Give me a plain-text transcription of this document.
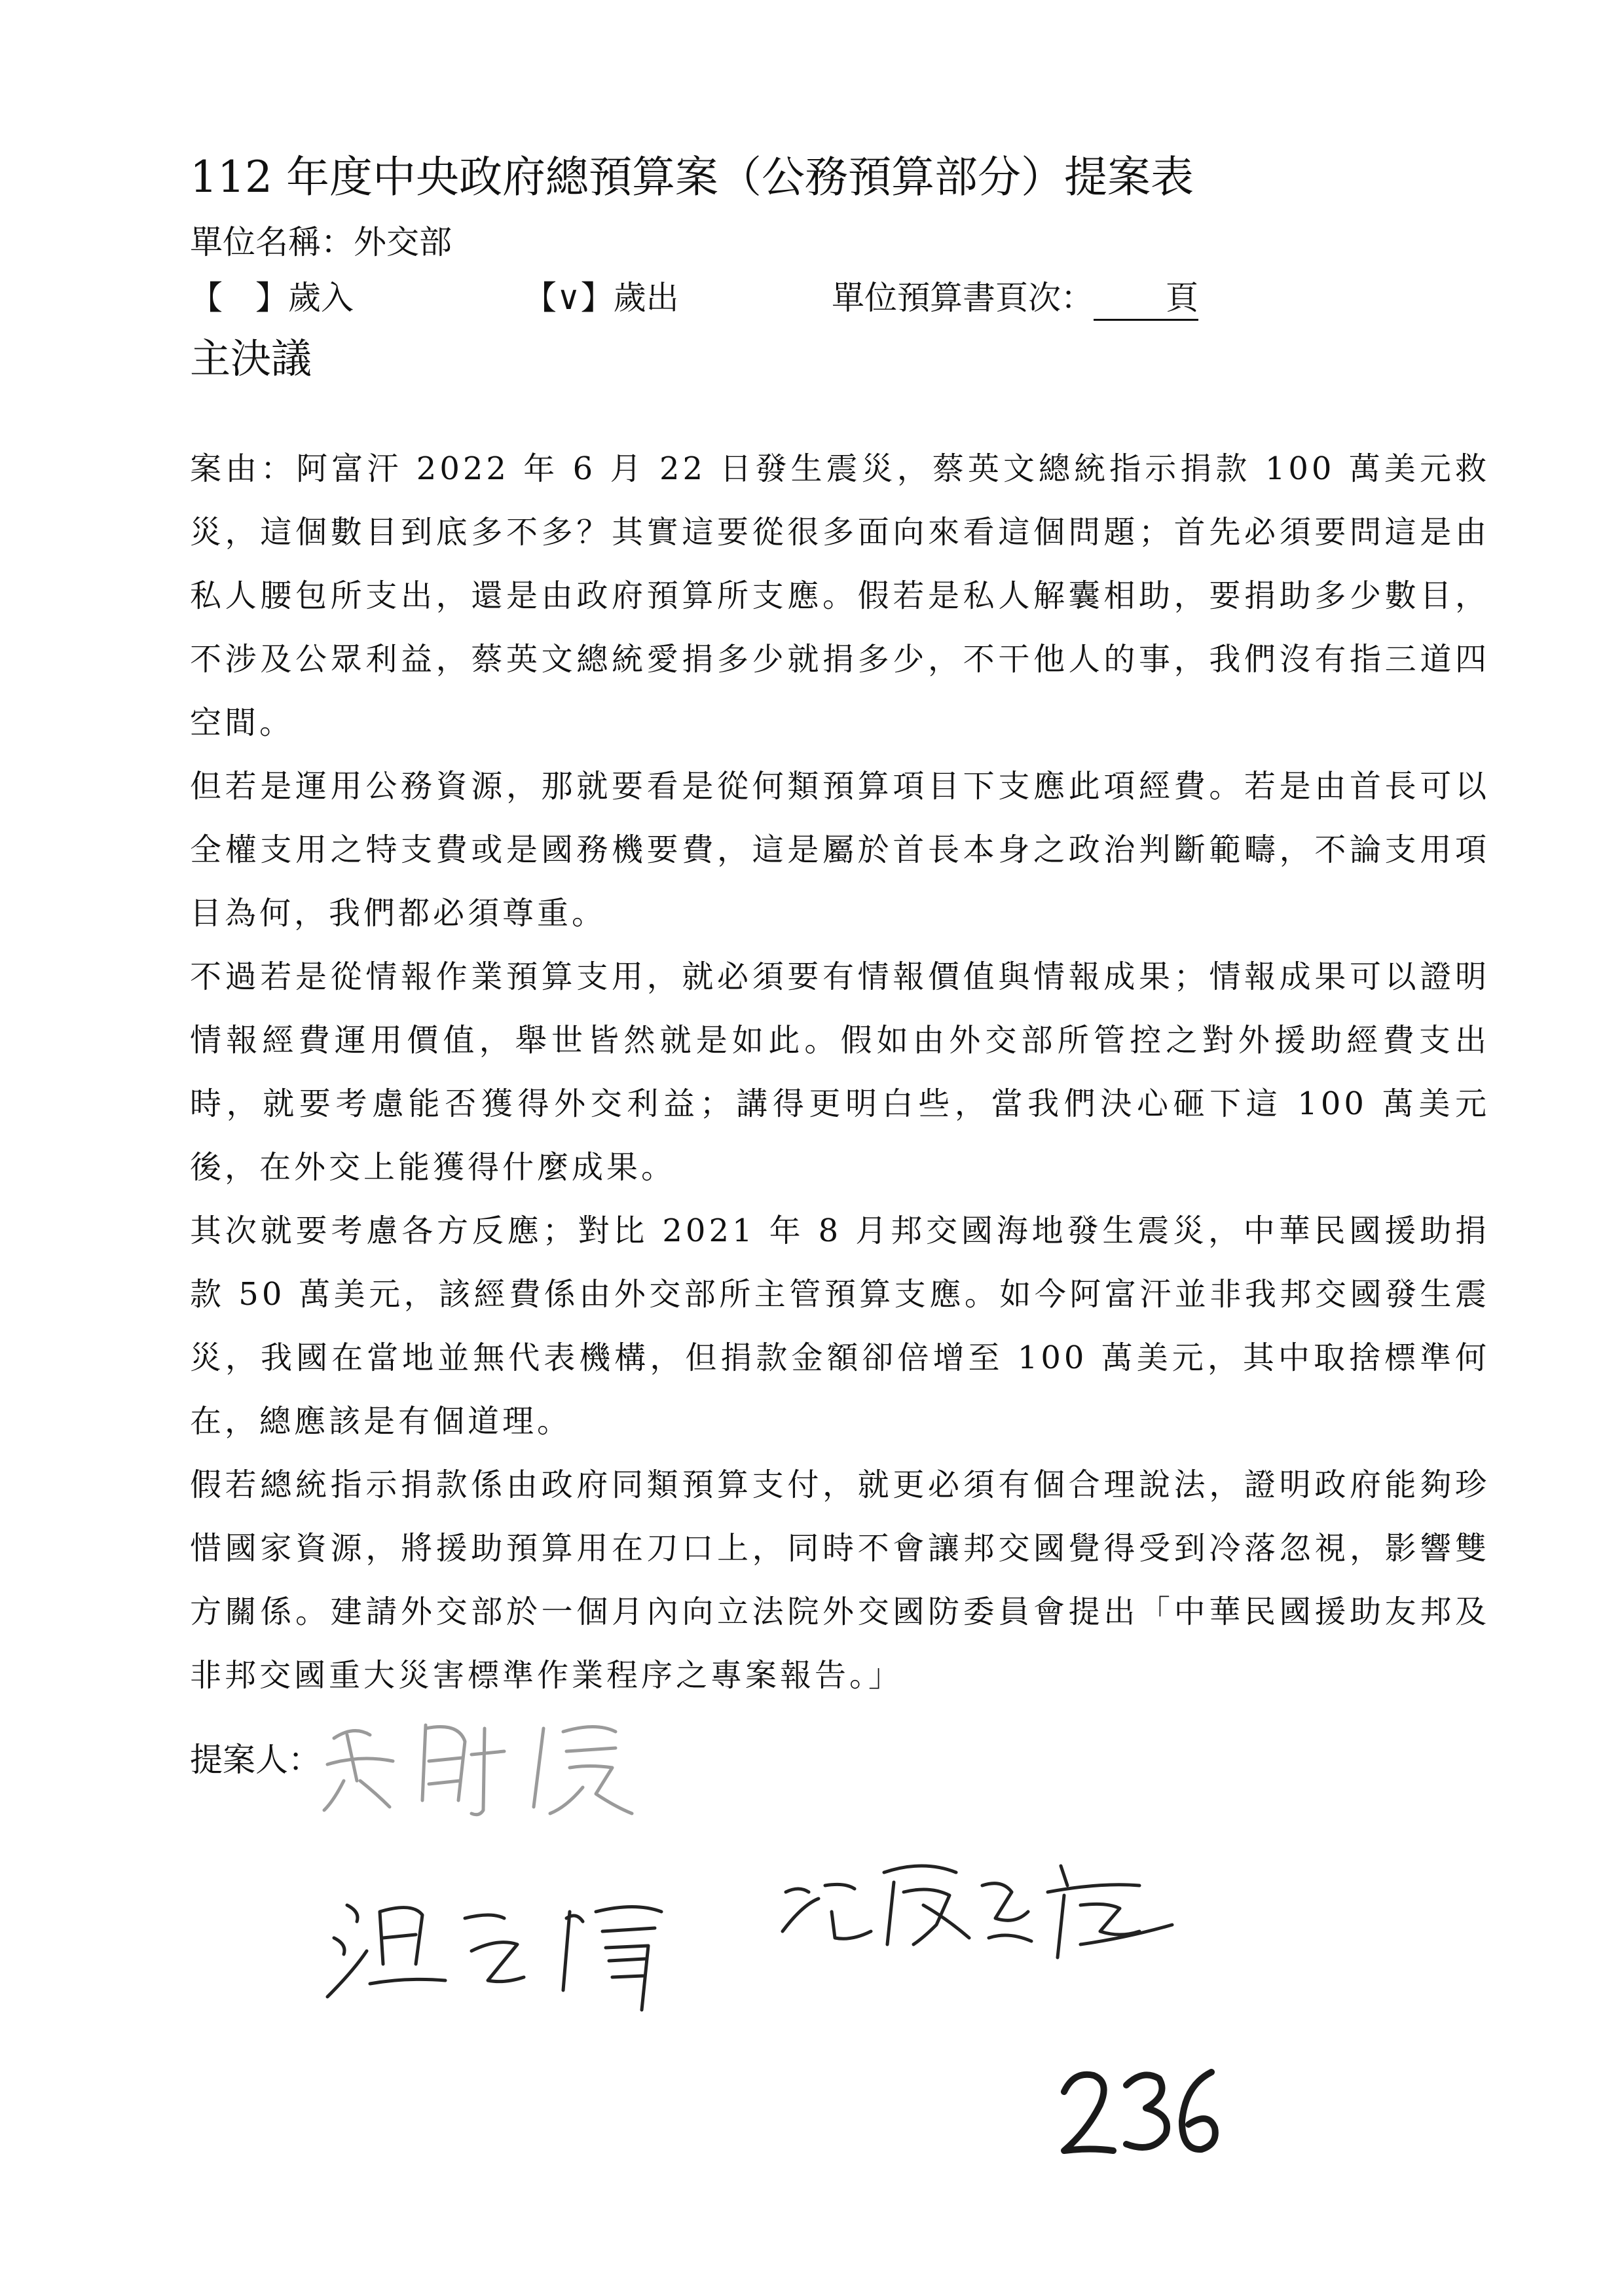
112 年度中央政府總預算案（公務預算部分）提案表
單位名稱：外交部
【　】歲入	【∨】歲出	單位預算書頁次： 頁
主決議

案由：阿富汗 2022 年 6 月 22 日發生震災，蔡英文總統指示捐款 100 萬美元救災，這個數目到底多不多？其實這要從很多面向來看這個問題；首先必須要問這是由私人腰包所支出，還是由政府預算所支應。假若是私人解囊相助，要捐助多少數目，不涉及公眾利益，蔡英文總統愛捐多少就捐多少，不干他人的事，我們沒有指三道四空間。

但若是運用公務資源，那就要看是從何類預算項目下支應此項經費。若是由首長可以全權支用之特支費或是國務機要費，這是屬於首長本身之政治判斷範疇，不論支用項目為何，我們都必須尊重。

不過若是從情報作業預算支用，就必須要有情報價值與情報成果；情報成果可以證明情報經費運用價值，舉世皆然就是如此。假如由外交部所管控之對外援助經費支出時，就要考慮能否獲得外交利益；講得更明白些，當我們決心砸下這 100 萬美元後，在外交上能獲得什麼成果。

其次就要考慮各方反應；對比 2021 年 8 月邦交國海地發生震災，中華民國援助捐款 50 萬美元，該經費係由外交部所主管預算支應。如今阿富汗並非我邦交國發生震災，我國在當地並無代表機構，但捐款金額卻倍增至 100 萬美元，其中取捨標準何在，總應該是有個道理。

假若總統指示捐款係由政府同類預算支付，就更必須有個合理說法，證明政府能夠珍惜國家資源，將援助預算用在刀口上，同時不會讓邦交國覺得受到冷落忽視，影響雙方關係。建請外交部於一個月內向立法院外交國防委員會提出「中華民國援助友邦及非邦交國重大災害標準作業程序之專案報告。」

提案人：
